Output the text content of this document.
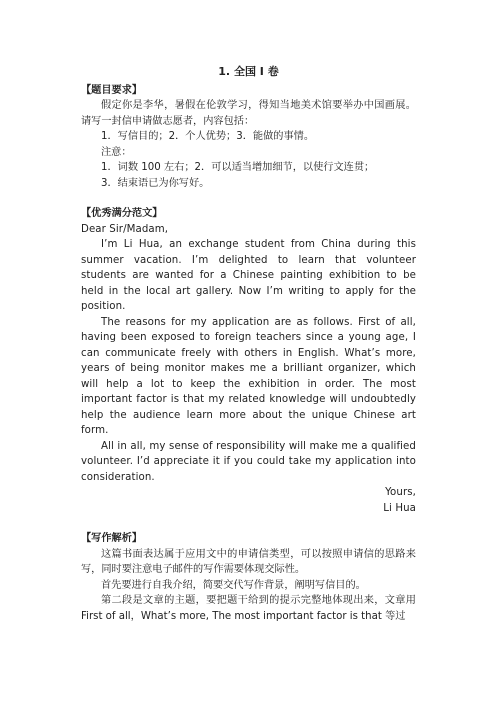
1. 全国 Ⅰ 卷
【题目要求】

假定你是李华，暑假在伦敦学习，得知当地美术馆要举办中国画展。请写一封信申请做志愿者，内容包括：

1．写信目的；2．个人优势；3．能做的事情。

注意：

1．词数 100 左右；2．可以适当增加细节，以使行文连贯；

3．结束语已为你写好。

【优秀满分范文】

Dear Sir/Madam,

I’m Li Hua, an exchange student from China during this summer vacation. I’m delighted to learn that volunteer students are wanted for a Chinese painting exhibition to be held in the local art gallery. Now I’m writing to apply for the position.

The reasons for my application are as follows. First of all, having been exposed to foreign teachers since a young age, I can communicate freely with others in English. What’s more, years of being monitor makes me a brilliant organizer, which will help a lot to keep the exhibition in order. The most important factor is that my related knowledge will undoubtedly help the audience learn more about the unique Chinese art form.

All in all, my sense of responsibility will make me a qualified volunteer. I’d appreciate it if you could take my application into consideration.

Yours,

Li Hua

【写作解析】

这篇书面表达属于应用文中的申请信类型，可以按照申请信的思路来写，同时要注意电子邮件的写作需要体现交际性。

首先要进行自我介绍，简要交代写作背景，阐明写信目的。

第二段是文章的主题，要把题干给到的提示完整地体现出来，文章用 First of all，What’s more, The most important factor is that 等过
